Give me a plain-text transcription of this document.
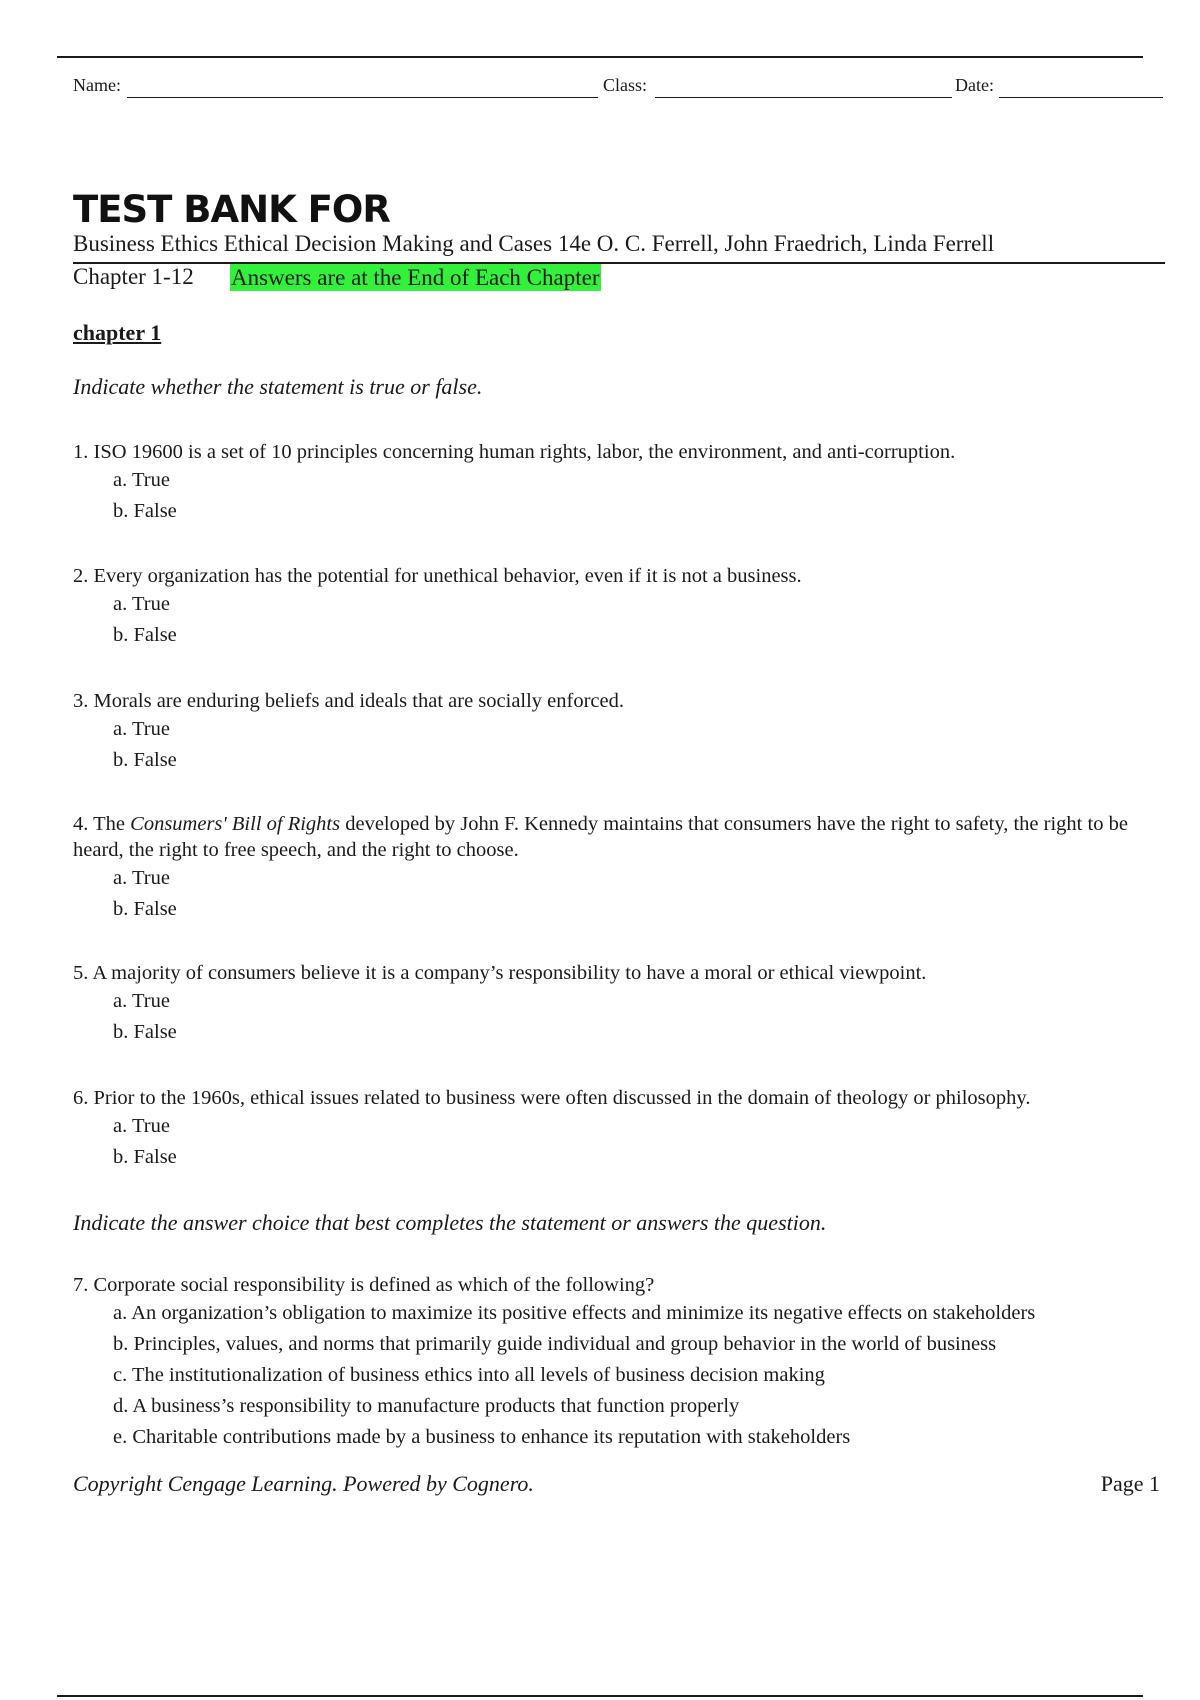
Name:	Class:	Date:
TEST BANK FOR
Business Ethics Ethical Decision Making and Cases 14e O. C. Ferrell, John Fraedrich, Linda Ferrell
Chapter 1-12 Answers are at the End of Each Chapter
chapter 1
Indicate whether the statement is true or false.
1. ISO 19600 is a set of 10 principles concerning human rights, labor, the environment, and anti-corruption.
a. True
b. False
2. Every organization has the potential for unethical behavior, even if it is not a business.
a. True
b. False
3. Morals are enduring beliefs and ideals that are socially enforced.
a. True
b. False
4. The Consumers' Bill of Rights developed by John F. Kennedy maintains that consumers have the right to safety, the right to be heard, the right to free speech, and the right to choose.
a. True
b. False
5. A majority of consumers believe it is a company’s responsibility to have a moral or ethical viewpoint.
a. True
b. False
6. Prior to the 1960s, ethical issues related to business were often discussed in the domain of theology or philosophy.
a. True
b. False
Indicate the answer choice that best completes the statement or answers the question.
7. Corporate social responsibility is defined as which of the following?
a. An organization’s obligation to maximize its positive effects and minimize its negative effects on stakeholders
b. Principles, values, and norms that primarily guide individual and group behavior in the world of business
c. The institutionalization of business ethics into all levels of business decision making
d. A business’s responsibility to manufacture products that function properly
e. Charitable contributions made by a business to enhance its reputation with stakeholders
Copyright Cengage Learning. Powered by Cognero.	Page 1
